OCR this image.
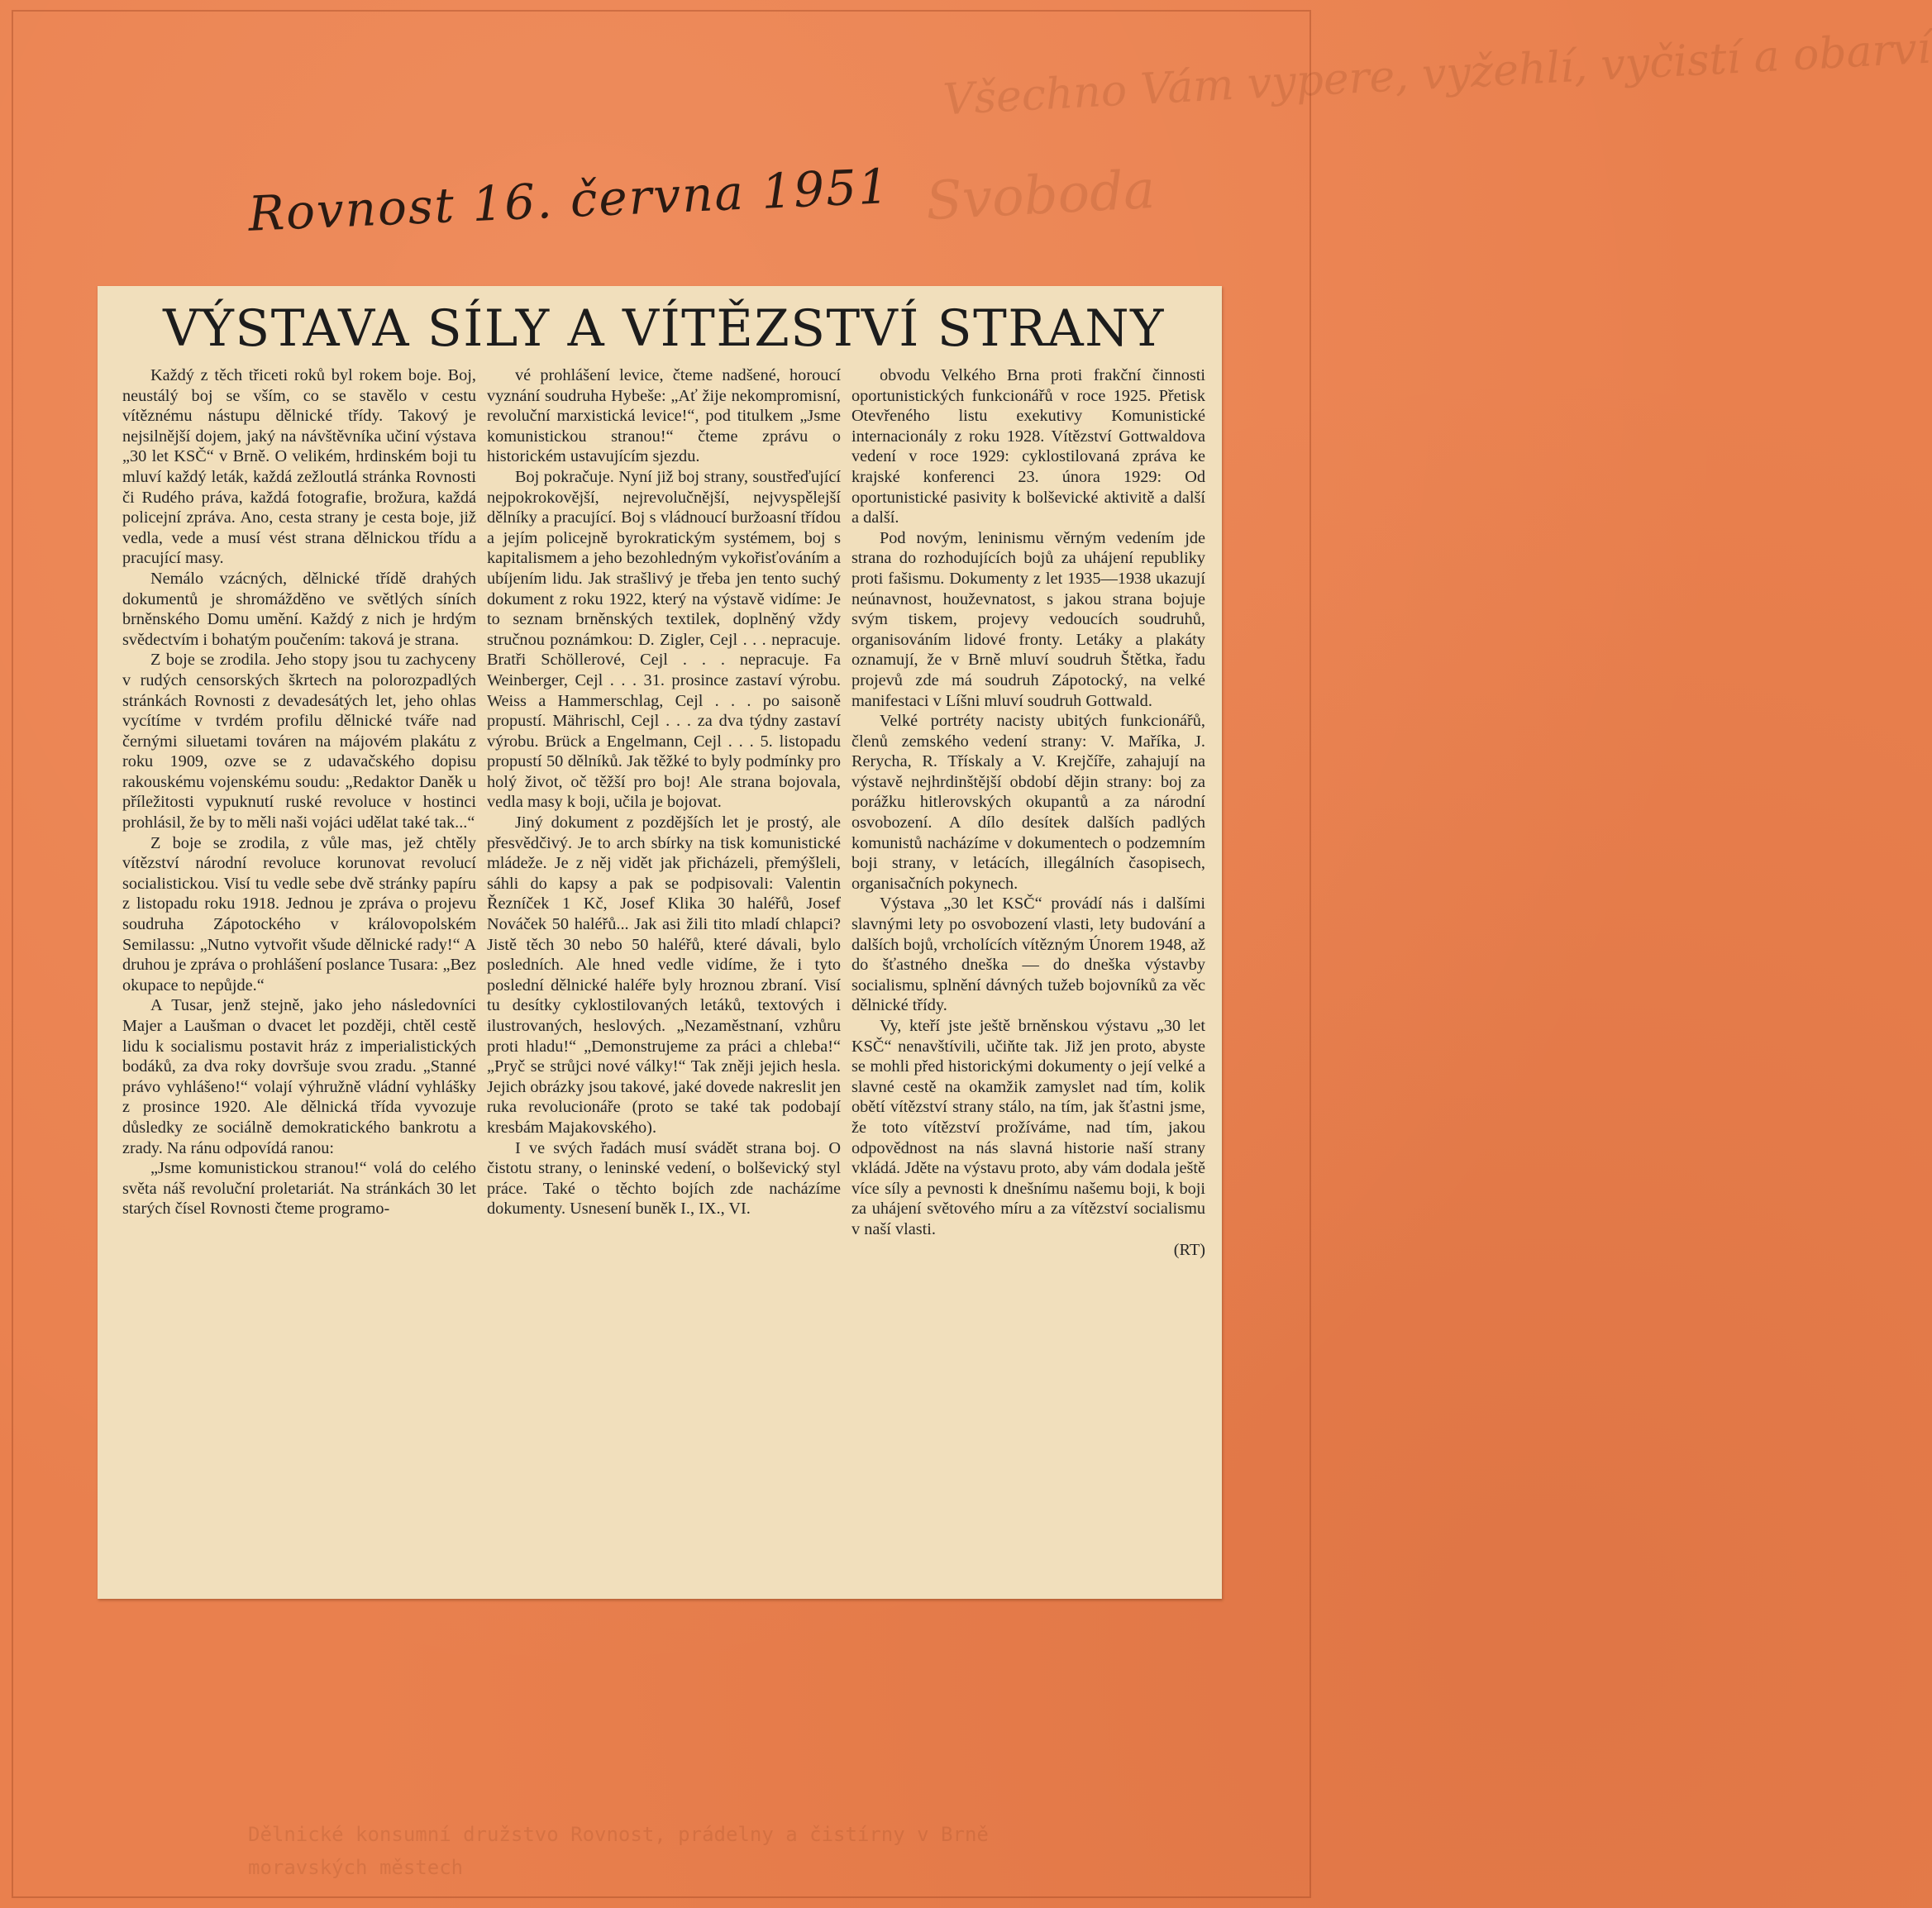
Všechno Vám vypere, vyžehlí, vyčistí a obarví
Svoboda
Dělnické konsumní družstvo Rovnost, prádelny a čistírny v Brně
moravských městech
Rovnost 16. června 1951
VÝSTAVA SÍLY A VÍTĚZSTVÍ STRANY

Každý z těch třiceti roků byl rokem boje. Boj, neustálý boj se vším, co se stavělo v cestu vítěznému nástupu dělnické třídy. Takový je nejsilnější dojem, jaký na návštěvníka učiní výstava „30 let KSČ“ v Brně. O velikém, hrdinském boji tu mluví každý leták, každá zežloutlá stránka Rovnosti či Rudého práva, každá fotografie, brožura, každá policejní zpráva. Ano, cesta strany je cesta boje, již vedla, vede a musí vést strana dělnickou třídu a pracující masy.

Nemálo vzácných, dělnické třídě drahých dokumentů je shromážděno ve světlých síních brněnského Domu umění. Každý z nich je hrdým svědectvím i bohatým poučením: taková je strana.

Z boje se zrodila. Jeho stopy jsou tu zachyceny v rudých censorských škrtech na polorozpadlých stránkách Rovnosti z devadesátých let, jeho ohlas vycítíme v tvrdém profilu dělnické tváře nad černými siluetami továren na májovém plakátu z roku 1909, ozve se z udavačského dopisu rakouskému vojenskému soudu: „Redaktor Daněk u příležitosti vypuknutí ruské revoluce v hostinci prohlásil, že by to měli naši vojáci udělat také tak...“

Z boje se zrodila, z vůle mas, jež chtěly vítězství národní revoluce korunovat revolucí socialistickou. Visí tu vedle sebe dvě stránky papíru z listopadu roku 1918. Jednou je zpráva o projevu soudruha Zápotockého v královopolském Semilassu: „Nutno vytvořit všude dělnické rady!“ A druhou je zpráva o prohlášení poslance Tusara: „Bez okupace to nepůjde.“

A Tusar, jenž stejně, jako jeho následovníci Majer a Laušman o dvacet let později, chtěl cestě lidu k socialismu postavit hráz z imperialistických bodáků, za dva roky dovršuje svou zradu. „Stanné právo vyhlášeno!“ volají výhružně vládní vyhlášky z prosince 1920. Ale dělnická třída vyvozuje důsledky ze sociálně demokratického bankrotu a zrady. Na ránu odpovídá ranou:

„Jsme komunistickou stranou!“ volá do celého světa náš revoluční proletariát. Na stránkách 30 let starých čísel Rovnosti čteme programo-

vé prohlášení levice, čteme nadšené, horoucí vyznání soudruha Hybeše: „Ať žije nekompromisní, revoluční marxistická levice!“, pod titulkem „Jsme komunistickou stranou!“ čteme zprávu o historickém ustavujícím sjezdu.

Boj pokračuje. Nyní již boj strany, soustřeďující nejpokrokovější, nejrevolučnější, nejvyspělejší dělníky a pracující. Boj s vládnoucí buržoasní třídou a jejím policejně byrokratickým systémem, boj s kapitalismem a jeho bezohledným vykořisťováním a ubíjením lidu. Jak strašlivý je třeba jen tento suchý dokument z roku 1922, který na výstavě vidíme: Je to seznam brněnských textilek, doplněný vždy stručnou poznámkou: D. Zigler, Cejl . . . nepracuje. Bratři Schöllerové, Cejl . . . nepracuje. Fa Weinberger, Cejl . . . 31. prosince zastaví výrobu. Weiss a Hammerschlag, Cejl . . . po saisoně propustí. Mährischl, Cejl . . . za dva týdny zastaví výrobu. Brück a Engelmann, Cejl . . . 5. listopadu propustí 50 dělníků. Jak těžké to byly podmínky pro holý život, oč těžší pro boj! Ale strana bojovala, vedla masy k boji, učila je bojovat.

Jiný dokument z pozdějších let je prostý, ale přesvědčivý. Je to arch sbírky na tisk komunistické mládeže. Je z něj vidět jak přicházeli, přemýšleli, sáhli do kapsy a pak se podpisovali: Valentin Řezníček 1 Kč, Josef Klika 30 haléřů, Josef Nováček 50 haléřů... Jak asi žili tito mladí chlapci? Jistě těch 30 nebo 50 haléřů, které dávali, bylo posledních. Ale hned vedle vidíme, že i tyto poslední dělnické haléře byly hroznou zbraní. Visí tu desítky cyklostilovaných letáků, textových i ilustrovaných, heslových. „Nezaměstnaní, vzhůru proti hladu!“ „Demonstrujeme za práci a chleba!“ „Pryč se strůjci nové války!“ Tak zněji jejich hesla. Jejich obrázky jsou takové, jaké dovede nakreslit jen ruka revolucionáře (proto se také tak podobají kresbám Majakovského).

I ve svých řadách musí svádět strana boj. O čistotu strany, o leninské vedení, o bolševický styl práce. Také o těchto bojích zde nacházíme dokumenty. Usnesení buněk I., IX., VI.

obvodu Velkého Brna proti frakční činnosti oportunistických funkcionářů v roce 1925. Přetisk Otevřeného listu exekutivy Komunistické internacionály z roku 1928. Vítězství Gottwaldova vedení v roce 1929: cyklostilovaná zpráva ke krajské konferenci 23. února 1929: Od oportunistické pasivity k bolševické aktivitě a další a další.

Pod novým, leninismu věrným vedením jde strana do rozhodujících bojů za uhájení republiky proti fašismu. Dokumenty z let 1935—1938 ukazují neúnavnost, houževnatost, s jakou strana bojuje svým tiskem, projevy vedoucích soudruhů, organisováním lidové fronty. Letáky a plakáty oznamují, že v Brně mluví soudruh Štětka, řadu projevů zde má soudruh Zápotocký, na velké manifestaci v Líšni mluví soudruh Gottwald.

Velké portréty nacisty ubitých funkcionářů, členů zemského vedení strany: V. Maříka, J. Rerycha, R. Třískaly a V. Krejčíře, zahajují na výstavě nejhrdinštější období dějin strany: boj za porážku hitlerovských okupantů a za národní osvobození. A dílo desítek dalších padlých komunistů nacházíme v dokumentech o podzemním boji strany, v letácích, illegálních časopisech, organisačních pokynech.

Výstava „30 let KSČ“ provádí nás i dalšími slavnými lety po osvobození vlasti, lety budování a dalších bojů, vrcholících vítězným Únorem 1948, až do šťastného dneška — do dneška výstavby socialismu, splnění dávných tužeb bojovníků za věc dělnické třídy.

Vy, kteří jste ještě brněnskou výstavu „30 let KSČ“ nenavštívili, učiňte tak. Již jen proto, abyste se mohli před historickými dokumenty o její velké a slavné cestě na okamžik zamyslet nad tím, kolik obětí vítězství strany stálo, na tím, jak šťastni jsme, že toto vítězství prožíváme, nad tím, jakou odpovědnost na nás slavná historie naší strany vkládá. Jděte na výstavu proto, aby vám dodala ještě více síly a pevnosti k dnešnímu našemu boji, k boji za uhájení světového míru a za vítězství socialismu v naší vlasti.

(RT)
